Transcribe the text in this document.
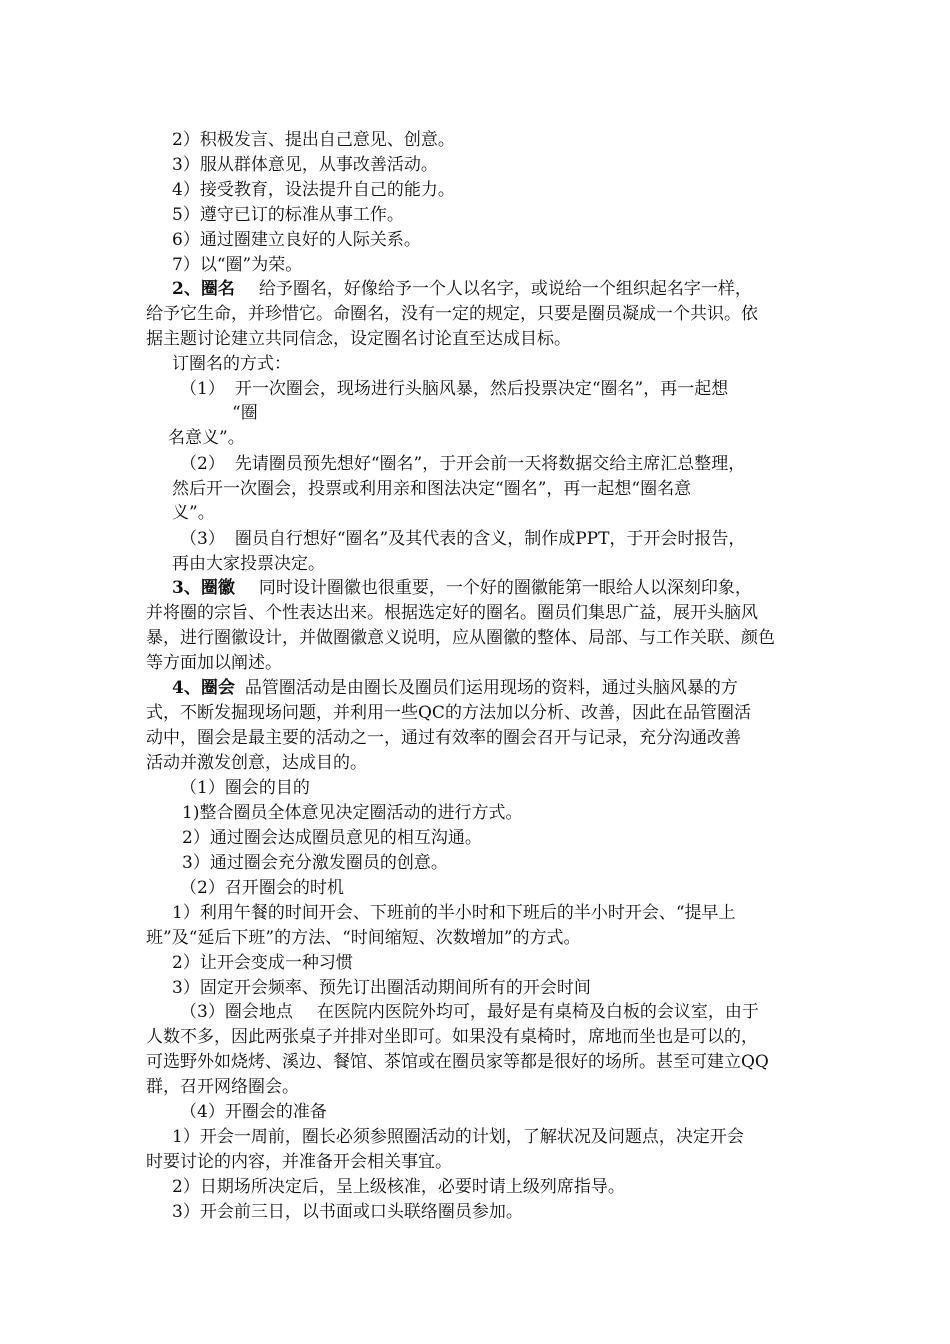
2）积极发言、提出自己意见、创意。
3）服从群体意见，从事改善活动。
4）接受教育，设法提升自己的能力。
5）遵守已订的标准从事工作。
6）通过圈建立良好的人际关系。
7）以“圈”为荣。
2、圈名 给予圈名，好像给予一个人以名字，或说给一个组织起名字一样，
给予它生命，并珍惜它。命圈名，没有一定的规定，只要是圈员凝成一个共识。依
据主题讨论建立共同信念，设定圈名讨论直至达成目标。
订圈名的方式：
（1） 开一次圈会，现场进行头脑风暴，然后投票决定“圈名”，再一起想
“圈
名意义”。
（2） 先请圈员预先想好“圈名”，于开会前一天将数据交给主席汇总整理，
然后开一次圈会，投票或利用亲和图法决定“圈名”，再一起想“圈名意
义”。
（3） 圈员自行想好“圈名”及其代表的含义，制作成PPT，于开会时报告，
再由大家投票决定。
3、圈徽 同时设计圈徽也很重要，一个好的圈徽能第一眼给人以深刻印象，
并将圈的宗旨、个性表达出来。根据选定好的圈名。圈员们集思广益，展开头脑风
暴，进行圈徽设计，并做圈徽意义说明，应从圈徽的整体、局部、与工作关联、颜色
等方面加以阐述。
4、圈会 品管圈活动是由圈长及圈员们运用现场的资料，通过头脑风暴的方
式，不断发掘现场问题，并利用一些QC的方法加以分析、改善，因此在品管圈活
动中，圈会是最主要的活动之一，通过有效率的圈会召开与记录，充分沟通改善
活动并激发创意，达成目的。
（1）圈会的目的
1)整合圈员全体意见决定圈活动的进行方式。
2）通过圈会达成圈员意见的相互沟通。
3）通过圈会充分激发圈员的创意。
（2）召开圈会的时机
1）利用午餐的时间开会、下班前的半小时和下班后的半小时开会、“提早上
班”及“延后下班”的方法、“时间缩短、次数增加”的方式。
2）让开会变成一种习惯
3）固定开会频率、预先订出圈活动期间所有的开会时间
（3）圈会地点 在医院内医院外均可，最好是有桌椅及白板的会议室，由于
人数不多，因此两张桌子并排对坐即可。如果没有桌椅时，席地而坐也是可以的，
可选野外如烧烤、溪边、餐馆、茶馆或在圈员家等都是很好的场所。甚至可建立QQ
群，召开网络圈会。
（4）开圈会的准备
1）开会一周前，圈长必须参照圈活动的计划，了解状况及问题点，决定开会
时要讨论的内容，并准备开会相关事宜。
2）日期场所决定后，呈上级核准，必要时请上级列席指导。
3）开会前三日，以书面或口头联络圈员参加。
